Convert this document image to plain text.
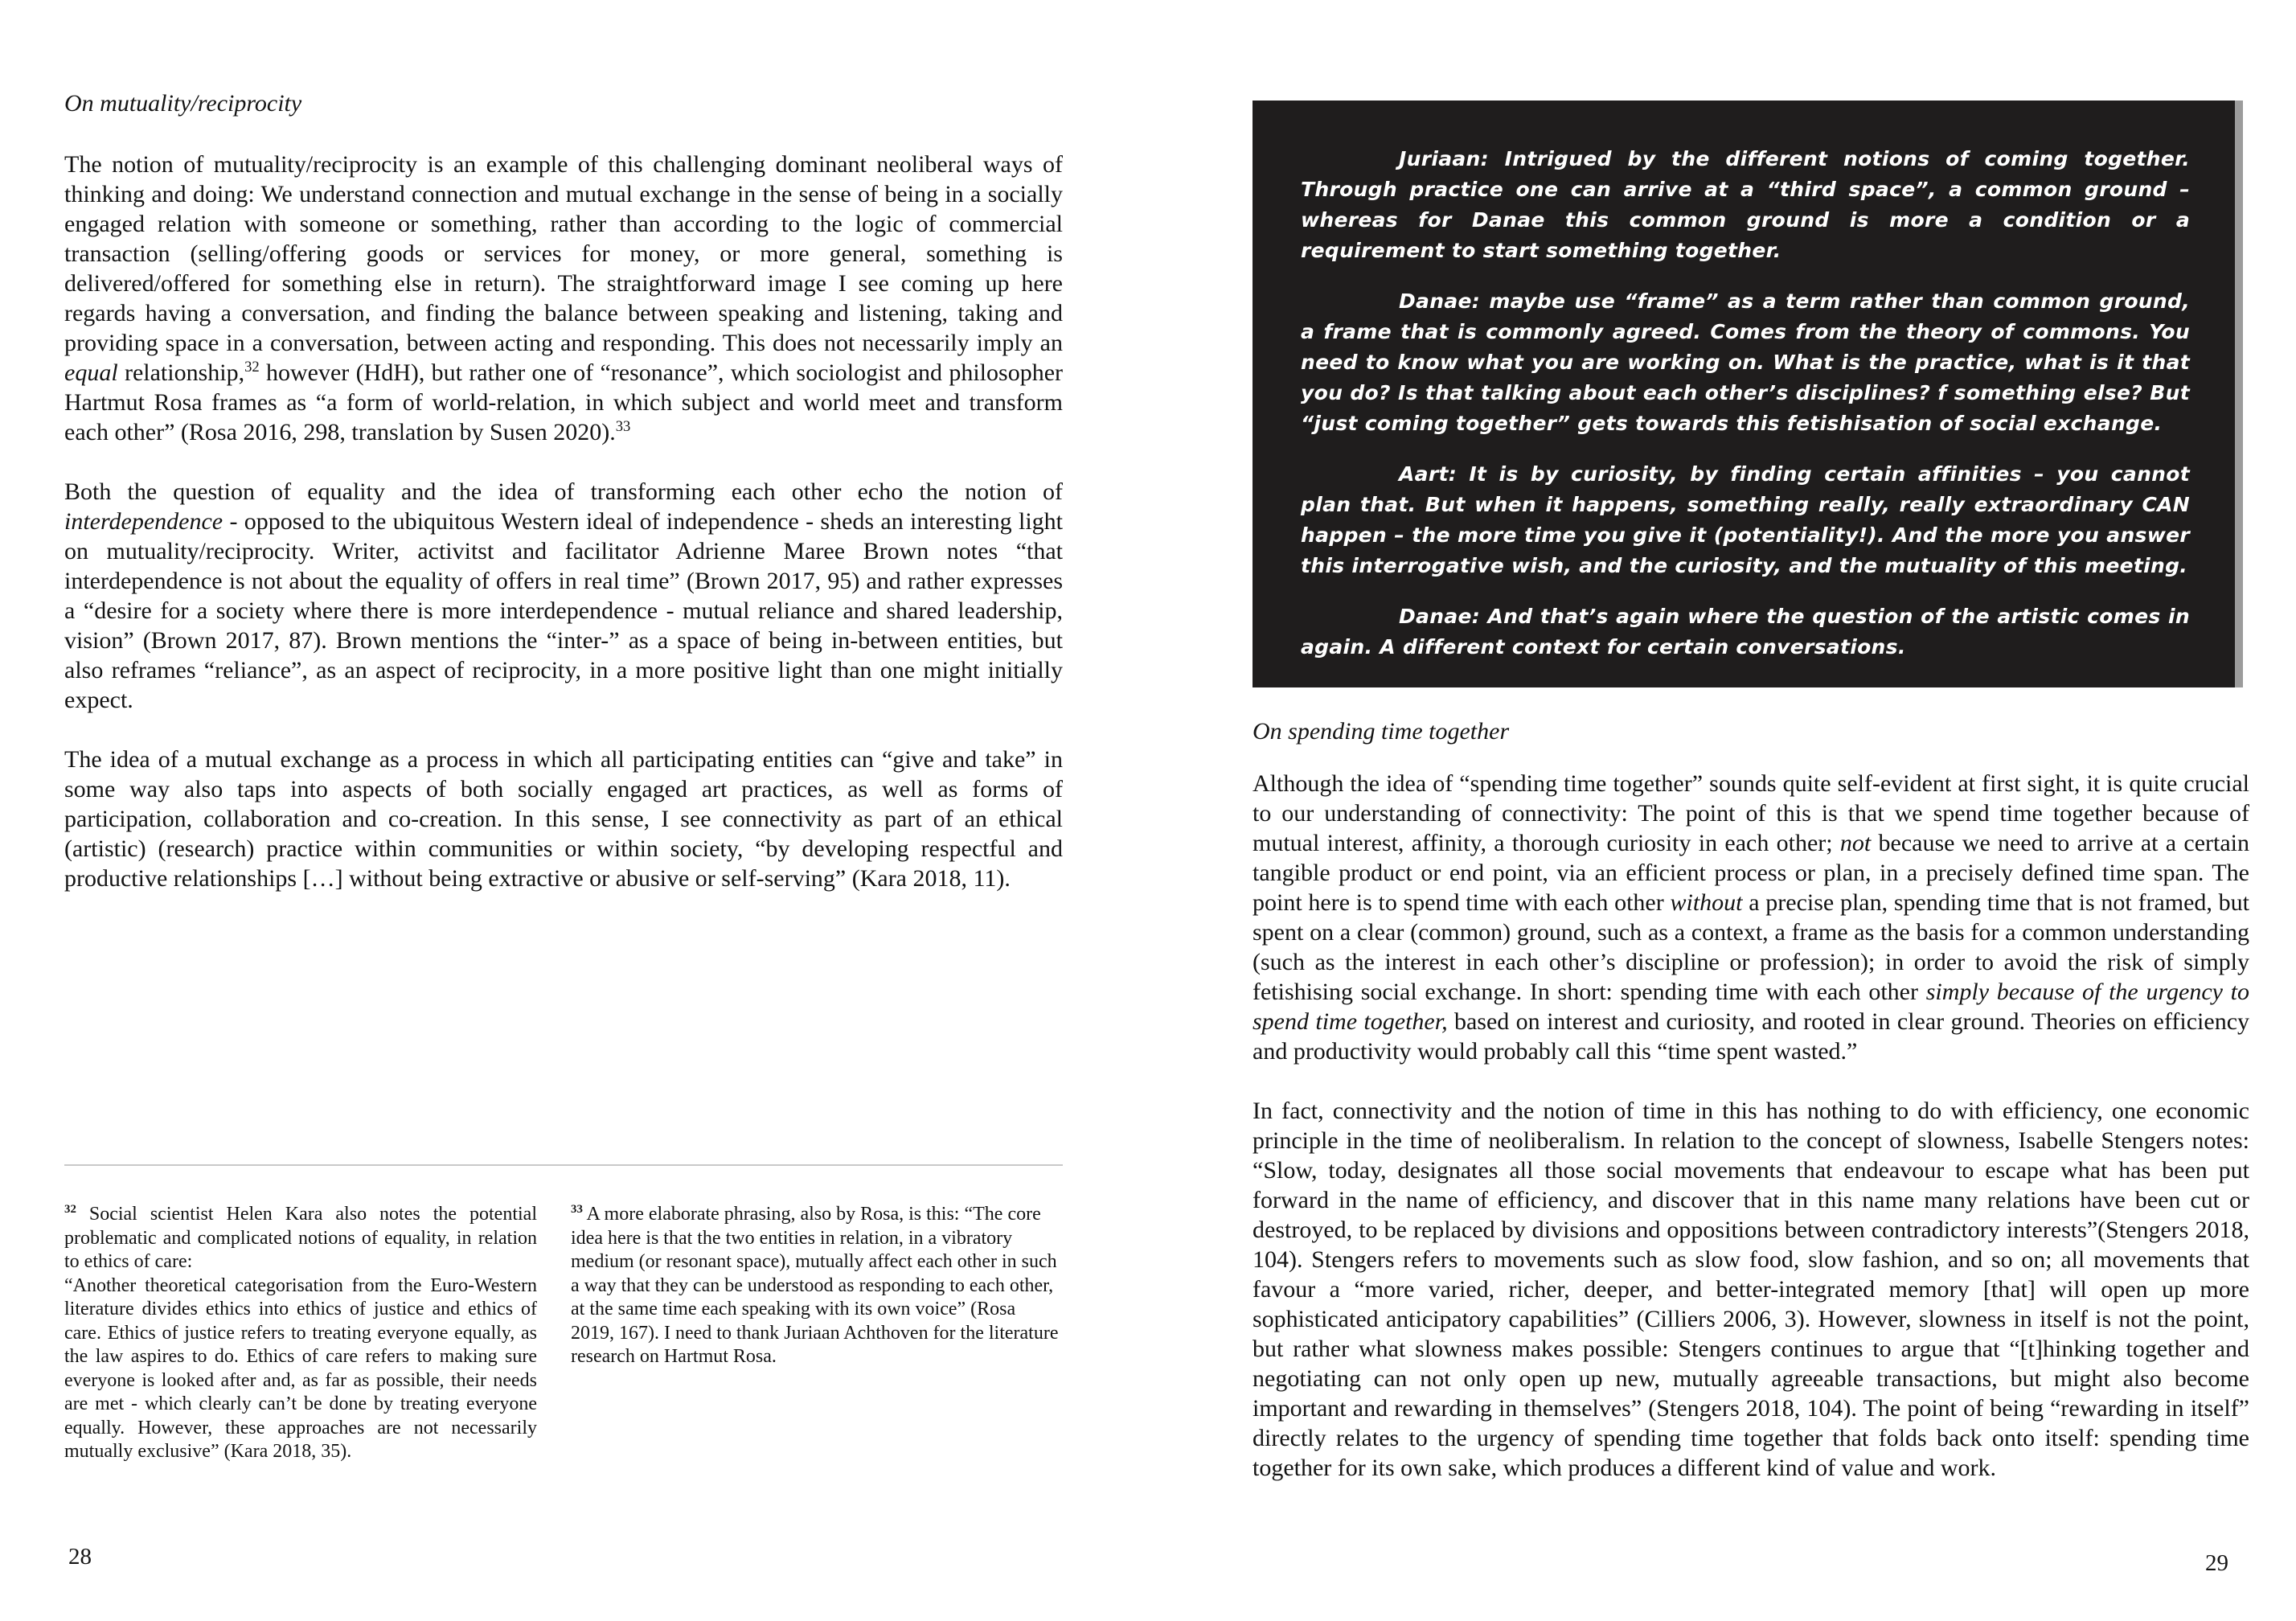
On mutuality/reciprocity

The notion of mutuality/reciprocity is an example of this challenging dominant neoliberal ways of thinking and doing: We understand connection and mutual exchange in the sense of being in a socially engaged relation with someone or something, rather than according to the logic of commercial transaction (selling/offering goods or services for money, or more general, something is delivered/offered for something else in return). The straightforward image I see coming up here regards having a conversation, and finding the balance between speaking and listening, taking and providing space in a conversation, between acting and responding. This does not necessarily imply an equal relationship,$^{32}$ however (HdH), but rather one of “resonance”, which sociologist and philosopher Hartmut Rosa frames as “a form of world-relation, in which subject and world meet and transform each other” (Rosa 2016, 298, translation by Susen 2020).$^{33}$

Both the question of equality and the idea of transforming each other echo the notion of interdependence - opposed to the ubiquitous Western ideal of independence - sheds an interesting light on mutuality/reciprocity. Writer, activitst and facilitator Adrienne Maree Brown notes “that interdependence is not about the equality of offers in real time” (Brown 2017, 95) and rather expresses a “desire for a society where there is more interdependence - mutual reliance and shared leadership, vision” (Brown 2017, 87). Brown mentions the “inter-” as a space of being in-between entities, but also reframes “reliance”, as an aspect of reciprocity, in a more positive light than one might initially expect.

The idea of a mutual exchange as a process in which all participating entities can “give and take” in some way also taps into aspects of both socially engaged art practices, as well as forms of participation, collaboration and co-creation. In this sense, I see connectivity as part of an ethical (artistic) (research) practice within communities or within society, “by developing respectful and productive relationships […] without being extractive or abusive or self-serving” (Kara 2018, 11).

$^{32}$ Social scientist Helen Kara also notes the potential problematic and complicated notions of equality, in relation to ethics of care:
“Another theoretical categorisation from the Euro-Western literature divides ethics into ethics of justice and ethics of care. Ethics of justice refers to treating everyone equally, as the law aspires to do. Ethics of care refers to making sure everyone is looked after and, as far as possible, their needs are met - which clearly can’t be done by treating everyone equally. However, these approaches are not necessarily mutually exclusive” (Kara 2018, 35).
$^{33}$ A more elaborate phrasing, also by Rosa, is this: “The core idea here is that the two entities in relation, in a vibratory medium (or resonant space), mutually affect each other in such a way that they can be understood as responding to each other, at the same time each speaking with its own voice” (Rosa 2019, 167). I need to thank Juriaan Achthoven for the literature research on Hartmut Rosa.
28

Juriaan: Intrigued by the different notions of coming together. Through practice one can arrive at a “third space”, a common ground – whereas for Danae this common ground is more a condition or a requirement to start something together.

Danae: maybe use “frame” as a term rather than common ground, a frame that is commonly agreed. Comes from the theory of commons. You need to know what you are working on. What is the practice, what is it that you do? Is that talking about each other’s disciplines? f something else? But “just coming together” gets towards this fetishisation of social exchange.

Aart: It is by curiosity, by finding certain affinities – you cannot plan that. But when it happens, something really, really extraordinary CAN happen – the more time you give it (potentiality!). And the more you answer this interrogative wish, and the curiosity, and the mutuality of this meeting.

Danae: And that’s again where the question of the artistic comes in again. A different context for certain conversations.

On spending time together

Although the idea of “spending time together” sounds quite self-evident at first sight, it is quite crucial to our understanding of connectivity: The point of this is that we spend time together because of mutual interest, affinity, a thorough curiosity in each other; not because we need to arrive at a certain tangible product or end point, via an efficient process or plan, in a precisely defined time span. The point here is to spend time with each other without a precise plan, spending time that is not framed, but spent on a clear (common) ground, such as a context, a frame as the basis for a common understanding (such as the interest in each other’s discipline or profession); in order to avoid the risk of simply fetishising social exchange. In short: spending time with each other simply because of the urgency to spend time together, based on interest and curiosity, and rooted in clear ground. Theories on efficiency and productivity would probably call this “time spent wasted.”

In fact, connectivity and the notion of time in this has nothing to do with efficiency, one economic principle in the time of neoliberalism. In relation to the concept of slowness, Isabelle Stengers notes: “Slow, today, designates all those social movements that endeavour to escape what has been put forward in the name of efficiency, and discover that in this name many relations have been cut or destroyed, to be replaced by divisions and oppositions between contradictory interests”(Stengers 2018, 104). Stengers refers to movements such as slow food, slow fashion, and so on; all movements that favour a “more varied, richer, deeper, and better-integrated memory [that] will open up more sophisticated anticipatory capabilities” (Cilliers 2006, 3). However, slowness in itself is not the point, but rather what slowness makes possible: Stengers continues to argue that “[t]hinking together and negotiating can not only open up new, mutually agreeable transactions, but might also become important and rewarding in themselves” (Stengers 2018, 104). The point of being “rewarding in itself” directly relates to the urgency of spending time together that folds back onto itself: spending time together for its own sake, which produces a different kind of value and work.

29
